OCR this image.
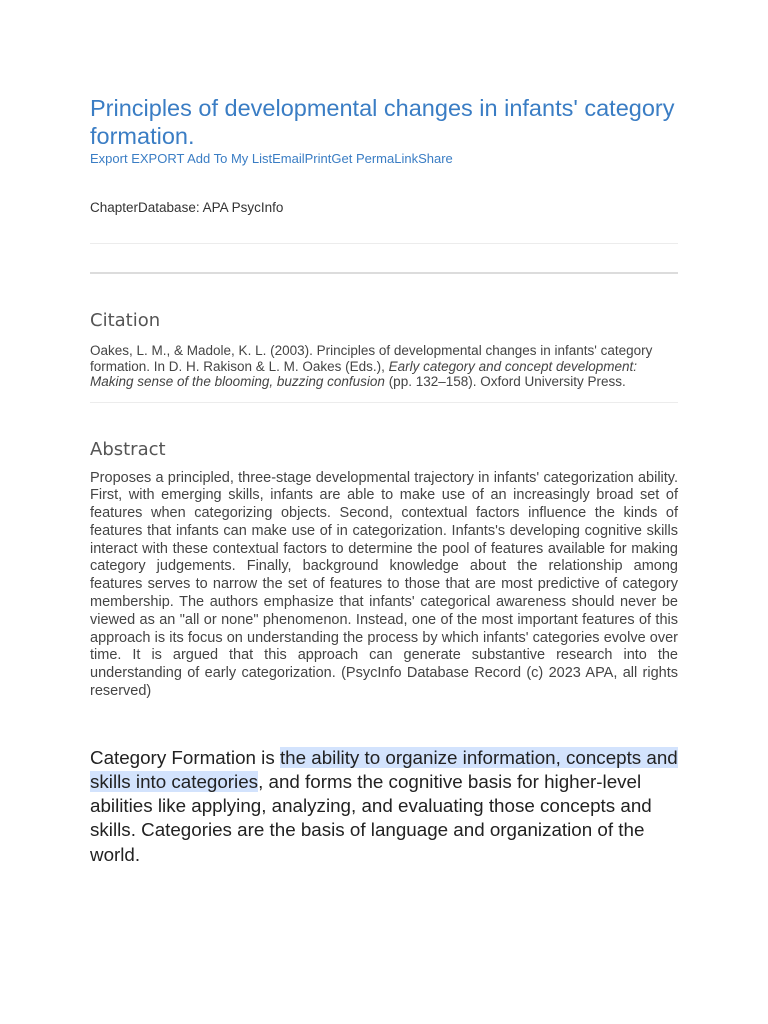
Principles of developmental changes in infants' category formation.
Export EXPORT Add To My ListEmailPrintGet PermaLinkShare
ChapterDatabase: APA PsycInfo
Citation
Oakes, L. M., & Madole, K. L. (2003). Principles of developmental changes in infants' category formation. In D. H. Rakison & L. M. Oakes (Eds.), Early category and concept development: Making sense of the blooming, buzzing confusion (pp. 132–158). Oxford University Press.
Abstract
Proposes a principled, three-stage developmental trajectory in infants' categorization ability. First, with emerging skills, infants are able to make use of an increasingly broad set of features when categorizing objects. Second, contextual factors influence the kinds of features that infants can make use of in categorization. Infants's developing cognitive skills interact with these contextual factors to determine the pool of features available for making category judgements. Finally, background knowledge about the relationship among features serves to narrow the set of features to those that are most predictive of category membership. The authors emphasize that infants' categorical awareness should never be viewed as an "all or none" phenomenon. Instead, one of the most important features of this approach is its focus on understanding the process by which infants' categories evolve over time. It is argued that this approach can generate substantive research into the understanding of early categorization. (PsycInfo Database Record (c) 2023 APA, all rights reserved)
Category Formation is the ability to organize information, concepts and skills into categories, and forms the cognitive basis for higher-level abilities like applying, analyzing, and evaluating those concepts and skills. Categories are the basis of language and organization of the world.
